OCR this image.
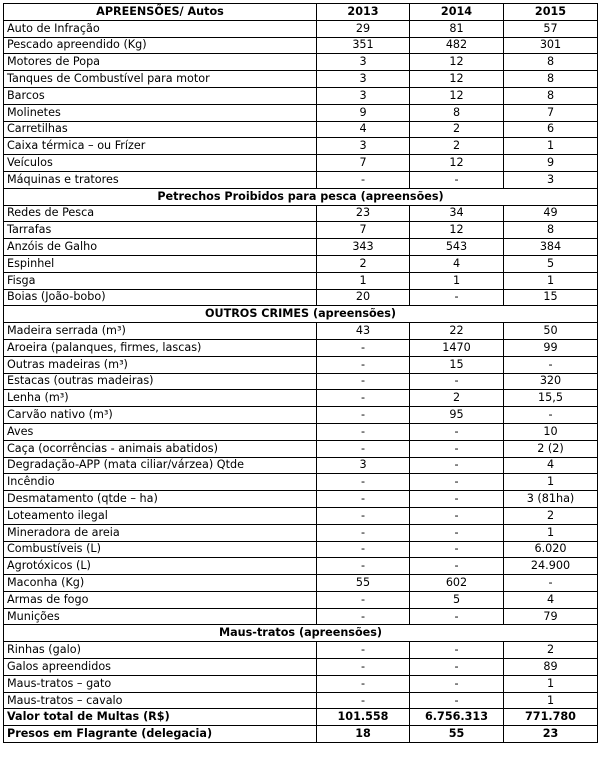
APREENSÕES/ Autos	2013	2014	2015
Auto de Infração	29	81	57
Pescado apreendido (Kg)	351	482	301
Motores de Popa	3	12	8
Tanques de Combustível para motor	3	12	8
Barcos	3	12	8
Molinetes	9	8	7
Carretilhas	4	2	6
Caixa térmica – ou Frízer	3	2	1
Veículos	7	12	9
Máquinas e tratores	-	-	3
Petrechos Proibidos para pesca (apreensões)			
Redes de Pesca	23	34	49
Tarrafas	7	12	8
Anzóis de Galho	343	543	384
Espinhel	2	4	5
Fisga	1	1	1
Boias (João-bobo)	20	-	15
OUTROS CRIMES (apreensões)			
Madeira serrada (m³)	43	22	50
Aroeira (palanques, firmes, lascas)	-	1470	99
Outras madeiras (m³)	-	15	-
Estacas (outras madeiras)	-	-	320
Lenha (m³)	-	2	15,5
Carvão nativo (m³)	-	95	-
Aves	-	-	10
Caça (ocorrências - animais abatidos)	-	-	2 (2)
Degradação-APP (mata ciliar/várzea) Qtde	3	-	4
Incêndio	-	-	1
Desmatamento (qtde – ha)	-	-	3 (81ha)
Loteamento ilegal	-	-	2
Mineradora de areia	-	-	1
Combustíveis (L)	-	-	6.020
Agrotóxicos (L)	-	-	24.900
Maconha (Kg)	55	602	-
Armas de fogo	-	5	4
Munições	-	-	79
Maus-tratos (apreensões)			
Rinhas (galo)	-	-	2
Galos apreendidos	-	-	89
Maus-tratos – gato	-	-	1
Maus-tratos – cavalo	-	-	1
Valor total de Multas (R$)	101.558	6.756.313	771.780
Presos em Flagrante (delegacia)	18	55	23
